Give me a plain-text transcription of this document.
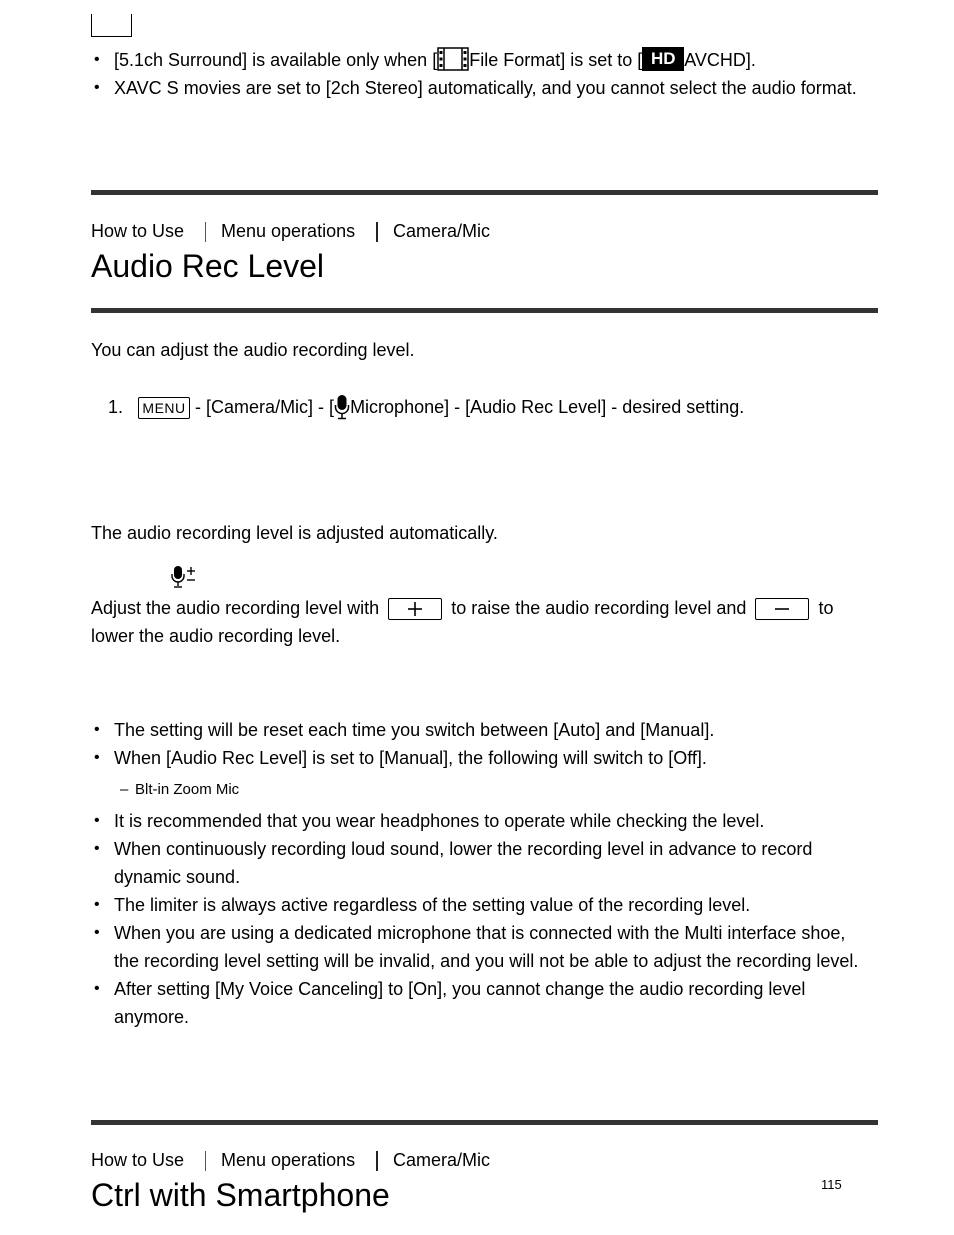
• [5.1ch Surround] is available only when [ File Format] is set to [ HD AVCHD].
• XAVC S movies are set to [2ch Stereo] automatically, and you cannot select the audio format.
How to Use Menu operations Camera/Mic
Audio Rec Level
You can adjust the audio recording level.
1. MENU - [Camera/Mic] - [ Microphone] - [Audio Rec Level] - desired setting.
The audio recording level is adjusted automatically.
Adjust the audio recording level with	to raise the audio recording level and	to
lower the audio recording level.
• The setting will be reset each time you switch between [Auto] and [Manual].
• When [Audio Rec Level] is set to [Manual], the following will switch to [Off].
– Blt-in Zoom Mic
• It is recommended that you wear headphones to operate while checking the level.
• When continuously recording loud sound, lower the recording level in advance to record dynamic sound.
• The limiter is always active regardless of the setting value of the recording level.
• When you are using a dedicated microphone that is connected with the Multi interface shoe, the recording level setting will be invalid, and you will not be able to adjust the recording level.
• After setting [My Voice Canceling] to [On], you cannot change the audio recording level anymore.
How to Use Menu operations Camera/Mic
Ctrl with Smartphone	115
